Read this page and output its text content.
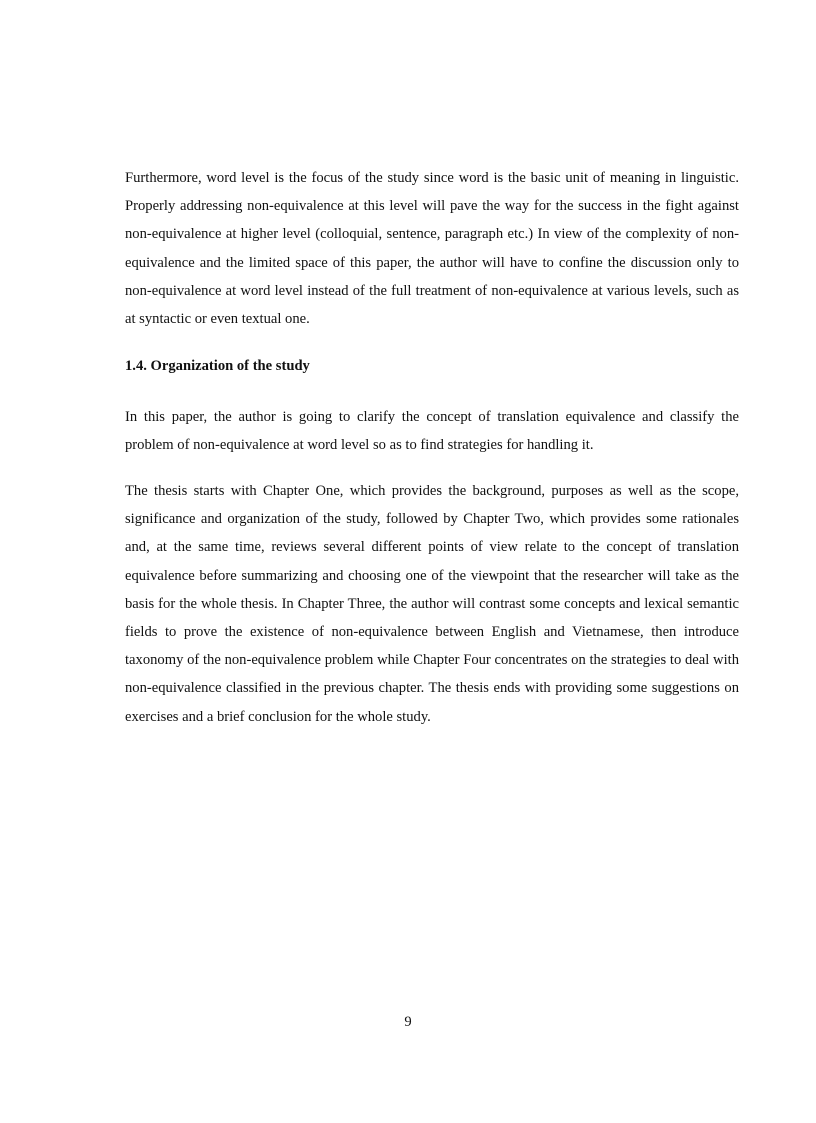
Furthermore, word level is the focus of the study since word is the basic unit of meaning in linguistic. Properly addressing non-equivalence at this level will pave the way for the success in the fight against non-equivalence at higher level (colloquial, sentence, paragraph etc.) In view of the complexity of non-equivalence and the limited space of this paper, the author will have to confine the discussion only to non-equivalence at word level instead of the full treatment of non-equivalence at various levels, such as at syntactic or even textual one.

1.4. Organization of the study

In this paper, the author is going to clarify the concept of translation equivalence and classify the problem of non-equivalence at word level so as to find strategies for handling it.

The thesis starts with Chapter One, which provides the background, purposes as well as the scope, significance and organization of the study, followed by Chapter Two, which provides some rationales and, at the same time, reviews several different points of view relate to the concept of translation equivalence before summarizing and choosing one of the viewpoint that the researcher will take as the basis for the whole thesis. In Chapter Three, the author will contrast some concepts and lexical semantic fields to prove the existence of non-equivalence between English and Vietnamese, then introduce taxonomy of the non-equivalence problem while Chapter Four concentrates on the strategies to deal with non-equivalence classified in the previous chapter. The thesis ends with providing some suggestions on exercises and a brief conclusion for the whole study.

9
